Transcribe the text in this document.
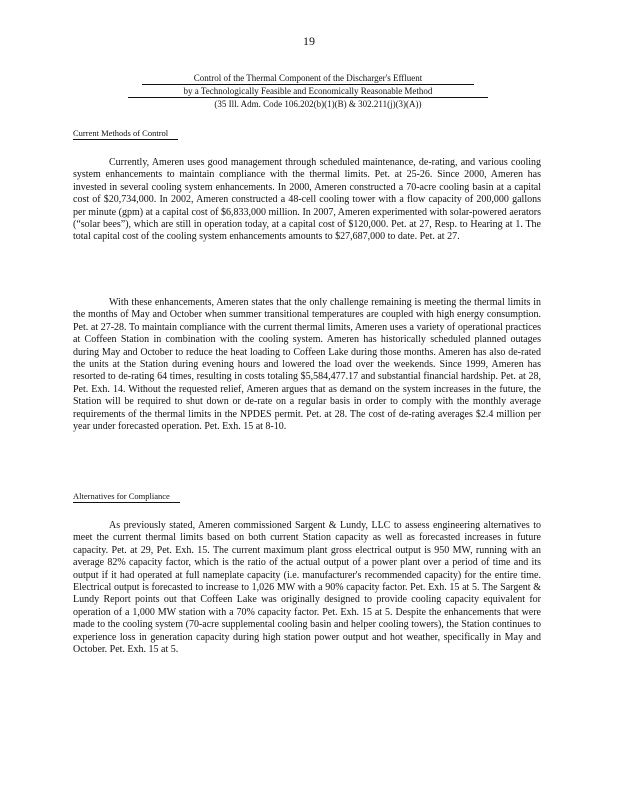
19
Control of the Thermal Component of the Discharger's Effluent
by a Technologically Feasible and Economically Reasonable Method
(35 Ill. Adm. Code 106.202(b)(1)(B) & 302.211(j)(3)(A))
Current Methods of Control

Currently, Ameren uses good management through scheduled maintenance, de-rating, and various cooling system enhancements to maintain compliance with the thermal limits. Pet. at 25-26. Since 2000, Ameren has invested in several cooling system enhancements. In 2000, Ameren constructed a 70-acre cooling basin at a capital cost of $20,734,000. In 2002, Ameren constructed a 48-cell cooling tower with a flow capacity of 200,000 gallons per minute (gpm) at a capital cost of $6,833,000 million. In 2007, Ameren experimented with solar-powered aerators (“solar bees”), which are still in operation today, at a capital cost of $120,000. Pet. at 27, Resp. to Hearing at 1. The total capital cost of the cooling system enhancements amounts to $27,687,000 to date. Pet. at 27.

With these enhancements, Ameren states that the only challenge remaining is meeting the thermal limits in the months of May and October when summer transitional temperatures are coupled with high energy consumption. Pet. at 27-28. To maintain compliance with the current thermal limits, Ameren uses a variety of operational practices at Coffeen Station in combination with the cooling system. Ameren has historically scheduled planned outages during May and October to reduce the heat loading to Coffeen Lake during those months. Ameren has also de-rated the units at the Station during evening hours and lowered the load over the weekends. Since 1999, Ameren has resorted to de-rating 64 times, resulting in costs totaling $5,584,477.17 and substantial financial hardship. Pet. at 28, Pet. Exh. 14. Without the requested relief, Ameren argues that as demand on the system increases in the future, the Station will be required to shut down or de-rate on a regular basis in order to comply with the monthly average requirements of the thermal limits in the NPDES permit. Pet. at 28. The cost of de-rating averages $2.4 million per year under forecasted operation. Pet. Exh. 15 at 8-10.

Alternatives for Compliance

As previously stated, Ameren commissioned Sargent & Lundy, LLC to assess engineering alternatives to meet the current thermal limits based on both current Station capacity as well as forecasted increases in future capacity. Pet. at 29, Pet. Exh. 15. The current maximum plant gross electrical output is 950 MW, running with an average 82% capacity factor, which is the ratio of the actual output of a power plant over a period of time and its output if it had operated at full nameplate capacity (i.e. manufacturer's recommended capacity) for the entire time. Electrical output is forecasted to increase to 1,026 MW with a 90% capacity factor. Pet. Exh. 15 at 5. The Sargent & Lundy Report points out that Coffeen Lake was originally designed to provide cooling capacity equivalent for operation of a 1,000 MW station with a 70% capacity factor. Pet. Exh. 15 at 5. Despite the enhancements that were made to the cooling system (70-acre supplemental cooling basin and helper cooling towers), the Station continues to experience loss in generation capacity during high station power output and hot weather, specifically in May and October. Pet. Exh. 15 at 5.
